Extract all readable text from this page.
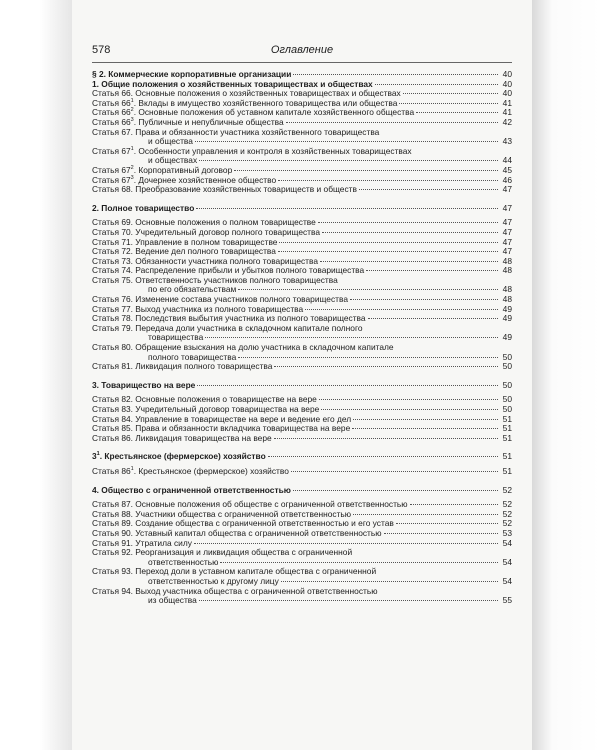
578	Оглавление
§ 2. Коммерческие корпоративные организации	40
1. Общие положения о хозяйственных товариществах и обществах	40
Статья 66. Основные положения о хозяйственных товариществах и обществах	40
Статья $66^1$. Вклады в имущество хозяйственного товарищества или общества	41
Статья $66^2$. Основные положения об уставном капитале хозяйственного общества	41
Статья $66^3$. Публичные и непубличные общества	42
Статья 67. Права и обязанности участника хозяйственного товарищества
и общества	43
Статья $67^1$. Особенности управления и контроля в хозяйственных товариществах
и обществах	44
Статья $67^2$. Корпоративный договор	45
Статья $67^3$. Дочернее хозяйственное общество	46
Статья 68. Преобразование хозяйственных товариществ и обществ	47
2. Полное товарищество	47
Статья 69. Основные положения о полном товариществе	47
Статья 70. Учредительный договор полного товарищества	47
Статья 71. Управление в полном товариществе	47
Статья 72. Ведение дел полного товарищества	47
Статья 73. Обязанности участника полного товарищества	48
Статья 74. Распределение прибыли и убытков полного товарищества	48
Статья 75. Ответственность участников полного товарищества
по его обязательствам	48
Статья 76. Изменение состава участников полного товарищества	48
Статья 77. Выход участника из полного товарищества	49
Статья 78. Последствия выбытия участника из полного товарищества	49
Статья 79. Передача доли участника в складочном капитале полного
товарищества	49
Статья 80. Обращение взыскания на долю участника в складочном капитале
полного товарищества	50
Статья 81. Ликвидация полного товарищества	50
3. Товарищество на вере	50
Статья 82. Основные положения о товариществе на вере	50
Статья 83. Учредительный договор товарищества на вере	50
Статья 84. Управление в товариществе на вере и ведение его дел	51
Статья 85. Права и обязанности вкладчика товарищества на вере	51
Статья 86. Ликвидация товарищества на вере	51
$3^1$. Крестьянское (фермерское) хозяйство	51
Статья $86^1$. Крестьянское (фермерское) хозяйство	51
4. Общество с ограниченной ответственностью	52
Статья 87. Основные положения об обществе с ограниченной ответственностью	52
Статья 88. Участники общества с ограниченной ответственностью	52
Статья 89. Создание общества с ограниченной ответственностью и его устав	52
Статья 90. Уставный капитал общества с ограниченной ответственностью	53
Статья 91. Утратила силу	54
Статья 92. Реорганизация и ликвидация общества с ограниченной
ответственностью	54
Статья 93. Переход доли в уставном капитале общества с ограниченной
ответственностью к другому лицу	54
Статья 94. Выход участника общества с ограниченной ответственностью
из общества	55
